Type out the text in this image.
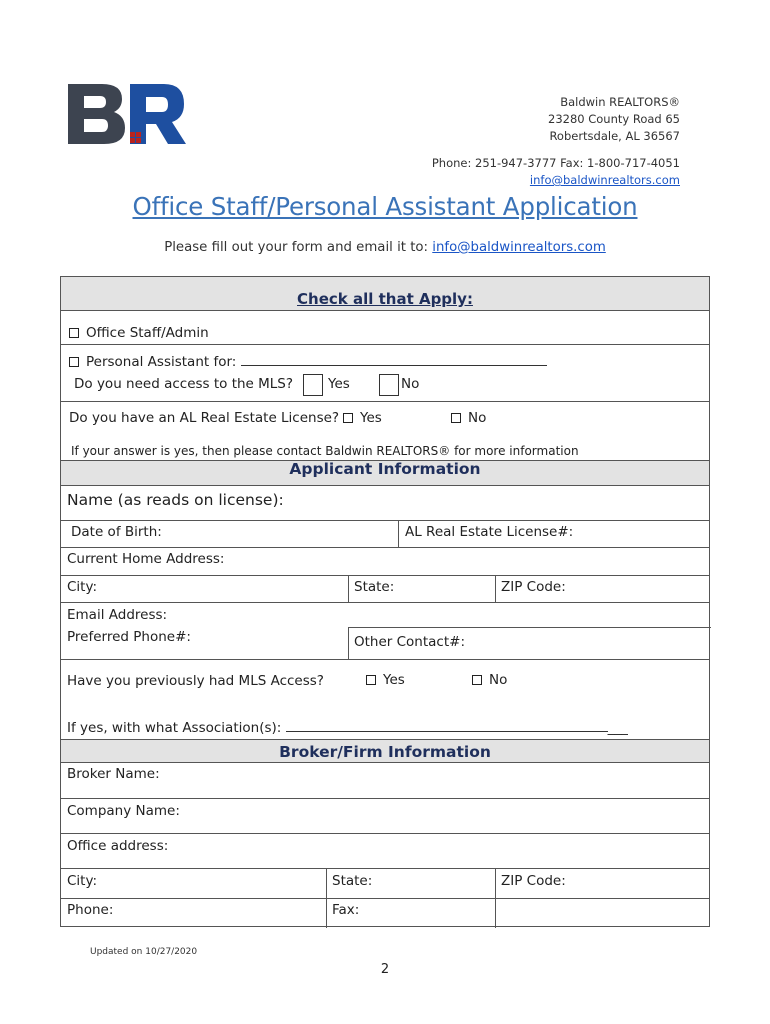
Baldwin REALTORS®
23280 County Road 65
Robertsdale, AL 36567
Phone: 251-947-3777 Fax: 1-800-717-4051
info@baldwinrealtors.com
Office Staff/Personal Assistant Application
Please fill out your form and email it to: info@baldwinrealtors.com
Check all that Apply:
Office Staff/Admin
Personal Assistant for:
Do you need access to the MLS?	Yes	No
Do you have an AL Real Estate License?	Yes	No
If your answer is yes, then please contact Baldwin REALTORS® for more information
Applicant Information
Name (as reads on license):
Date of Birth:	AL Real Estate License#:
Current Home Address:
City:	State:	ZIP Code:
Email Address:
Preferred Phone#:	Other Contact#:
Have you previously had MLS Access?	Yes	No
If yes, with what Association(s):	___
Broker/Firm Information
Broker Name:
Company Name:
Office address:
City:	State:	ZIP Code:
Phone:	Fax:
Updated on 10/27/2020
2
